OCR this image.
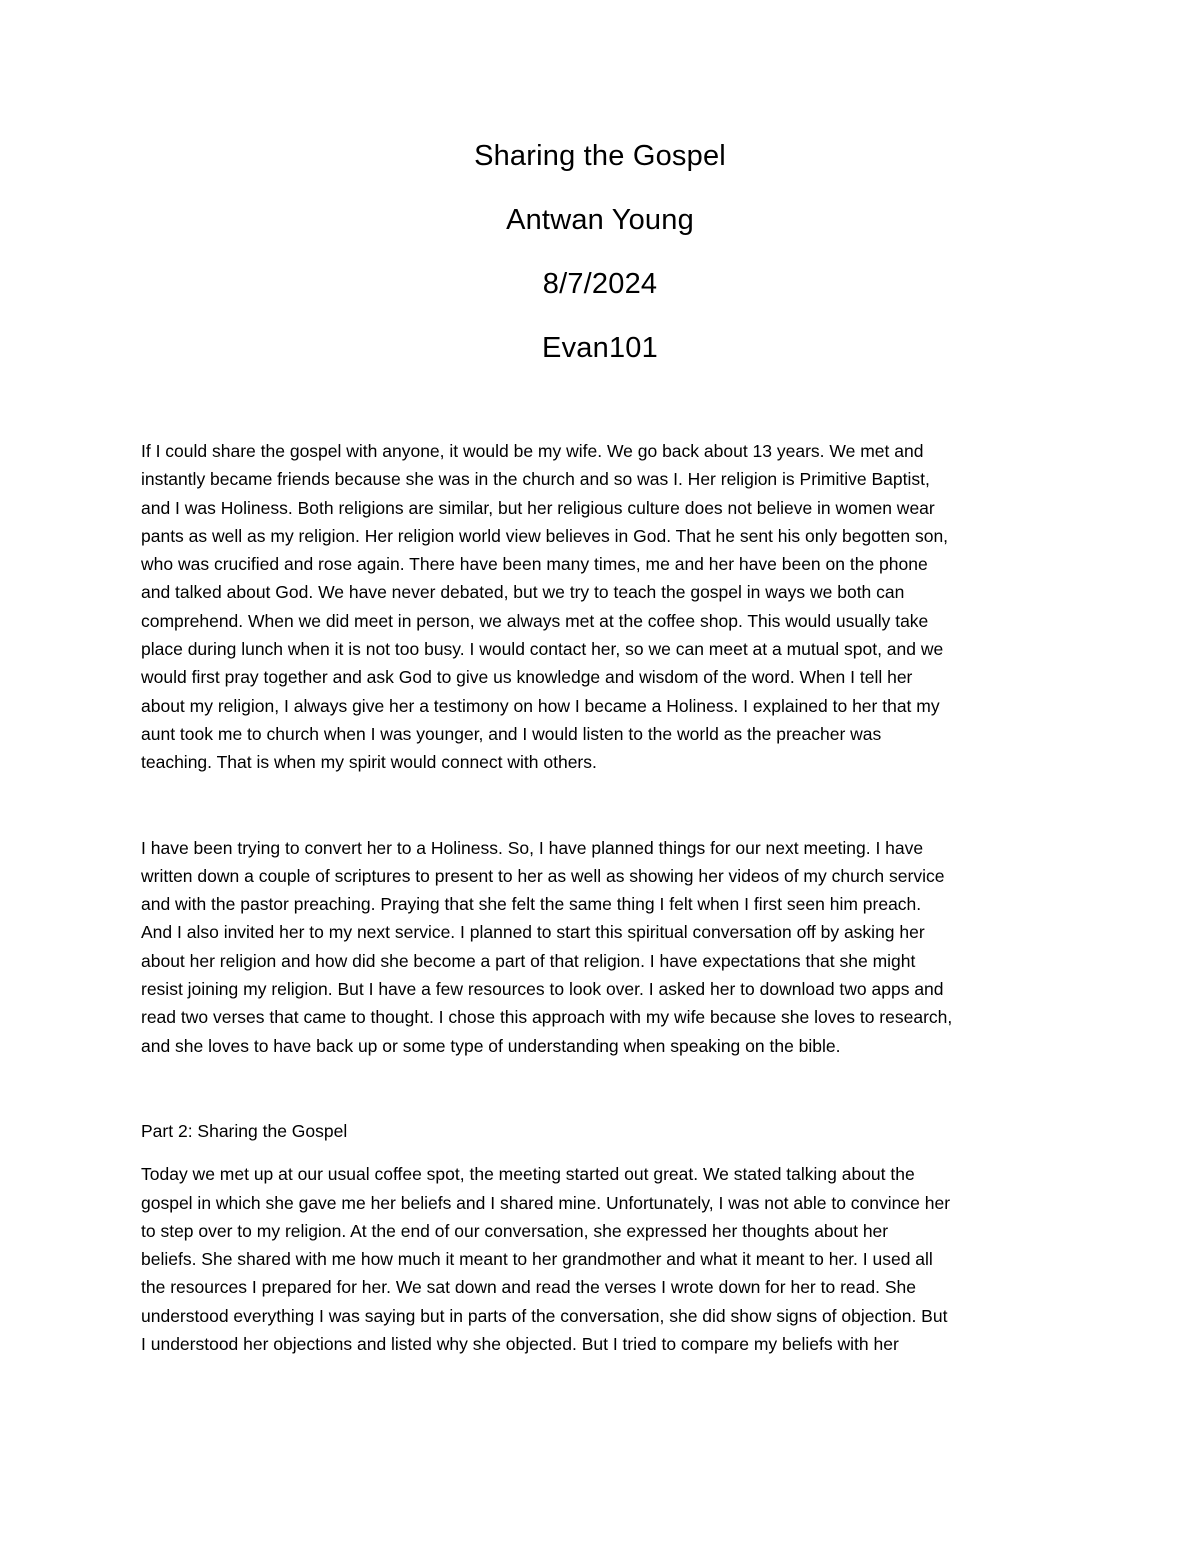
Sharing the Gospel
Antwan Young
8/7/2024
Evan101

If I could share the gospel with anyone, it would be my wife. We go back about 13 years. We met and
instantly became friends because she was in the church and so was I. Her religion is Primitive Baptist,
and I was Holiness. Both religions are similar, but her religious culture does not believe in women wear
pants as well as my religion. Her religion world view believes in God. That he sent his only begotten son,
who was crucified and rose again. There have been many times, me and her have been on the phone
and talked about God. We have never debated, but we try to teach the gospel in ways we both can
comprehend. When we did meet in person, we always met at the coffee shop. This would usually take
place during lunch when it is not too busy. I would contact her, so we can meet at a mutual spot, and we
would first pray together and ask God to give us knowledge and wisdom of the word. When I tell her
about my religion, I always give her a testimony on how I became a Holiness. I explained to her that my
aunt took me to church when I was younger, and I would listen to the world as the preacher was
teaching. That is when my spirit would connect with others.

I have been trying to convert her to a Holiness. So, I have planned things for our next meeting. I have
written down a couple of scriptures to present to her as well as showing her videos of my church service
and with the pastor preaching. Praying that she felt the same thing I felt when I first seen him preach.
And I also invited her to my next service. I planned to start this spiritual conversation off by asking her
about her religion and how did she become a part of that religion. I have expectations that she might
resist joining my religion. But I have a few resources to look over. I asked her to download two apps and
read two verses that came to thought. I chose this approach with my wife because she loves to research,
and she loves to have back up or some type of understanding when speaking on the bible.

Part 2: Sharing the Gospel

Today we met up at our usual coffee spot, the meeting started out great. We stated talking about the
gospel in which she gave me her beliefs and I shared mine. Unfortunately, I was not able to convince her
to step over to my religion. At the end of our conversation, she expressed her thoughts about her
beliefs. She shared with me how much it meant to her grandmother and what it meant to her. I used all
the resources I prepared for her. We sat down and read the verses I wrote down for her to read. She
understood everything I was saying but in parts of the conversation, she did show signs of objection. But
I understood her objections and listed why she objected. But I tried to compare my beliefs with her
